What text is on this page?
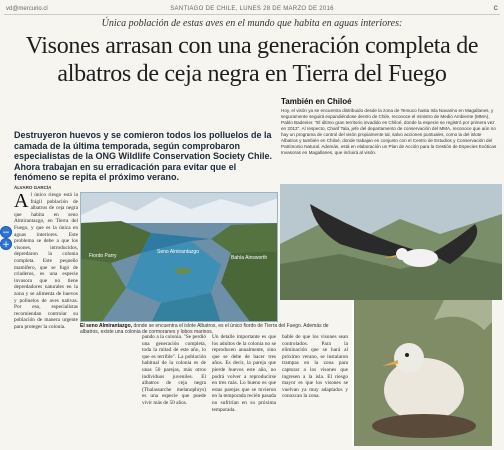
vd@mercurio.cl	SANTIAGO DE CHILE, LUNES 28 DE MARZO DE 2016	C
Única población de estas aves en el mundo que habita en aguas interiores:
Visones arrasan con una generación completa de albatros de ceja negra en Tierra del Fuego
También en Chiloé

Hoy, el visón ya se encuentra distribuido desde la zona de Temuco hasta Isla Navarino en Magallanes, y seguramente seguirá expandiéndose dentro de Chile, reconoce el ministro de Medio Ambiente (MMA), Pablo Badenier. "El último gran territorio invadido es Chiloé, donde la especie se registró por primera vez en 2013". Al respecto, Charif Tala, jefe del departamento de conservación del MMA, reconoce que aún no hay un programa de control del visón propiamente tal, salvo acciones puntuales, como la del islote Albatros y también en Chiloé, donde trabajan en conjunto con el Centro de Estudios y Conservación del Patrimonio Natural. Además, está en elaboración un Plan de Acción para la Gestión de Especies Exóticas Invasoras en Magallanes, que incluirá al visón.

Destruyeron huevos y se comieron todos los polluelos de la camada de la última temporada, según comprobaron especialistas de la ONG Wildlife Conservation Society Chile. Ahora trabajan en su erradicación para evitar que el fenómeno se repita el próximo verano.
−
+
ÁLVARO GARCÍA
A l único riesgo está la frágil población de albatros de ceja negra que habita en seno Almirantazgo, en Tierra del Fuego, y que es la única en aguas interiores. Este problema se debe a que los visones, introducidos, depredaron la colonia completa. Este pequeño mamífero, que se fugó de criaderos, es una especie invasora que no tiene depredadores naturales en la zona y se alimenta de huevos y polluelos de aves nativas. Por eso, especialistas recomiendan controlar su población de manera urgente para proteger la colonia.
Fiordo Parry
Seno Almirantazgo
Bahía Ainsworth
El seno Almirantazgo, donde se encuentra el islote Albatros, es el único fiordo de Tierra del Fuego. Además de albatros, existe una colonia de cormoranes y lobos marinos.
pando a la colonia. "Se perdió una generación completa, toda la mitad de este año, lo que es terrible". La población habitual de la colonia es de unas 50 parejas, más otros individuos juveniles. El albatros de ceja negra (Thalassarche melanophrys) es una especie que puede vivir más de 50 años.
Un detalle importante es que los adultos de la colonia no se reproducen anualmente, sino que se debe de hacer tres años. Es decir, la pareja que pierde huevos este año, no podrá volver a reproducirse en tres más. Lo bueno es que estas parejas que se tuvieron en la temporada recién pasada no sufrirían en su próxima temporada.
bable de que los visones sean controlados. Para la eliminación que se hará al próximo verano, se instalaron trampas en la zona para capturar a los visones que ingresen a la isla. El riesgo mayor es que los visones se vuelvan ya muy adaptados y conozcan la zona.
